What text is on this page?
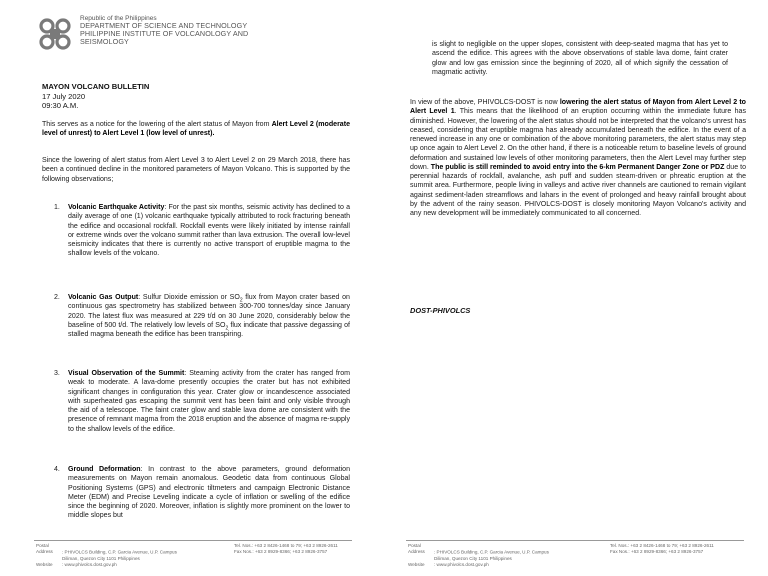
Republic of the Philippines
DEPARTMENT OF SCIENCE AND TECHNOLOGY
PHILIPPINE INSTITUTE OF VOLCANOLOGY AND
SEISMOLOGY
MAYON VOLCANO BULLETIN
17 July 2020
09:30 A.M.

This serves as a notice for the lowering of the alert status of Mayon from Alert Level 2 (moderate level of unrest) to Alert Level 1 (low level of unrest).

Since the lowering of alert status from Alert Level 3 to Alert Level 2 on 29 March 2018, there has been a continued decline in the monitored parameters of Mayon Volcano. This is supported by the following observations;

1. Volcanic Earthquake Activity: For the past six months, seismic activity has declined to a daily average of one (1) volcanic earthquake typically attributed to rock fracturing beneath the edifice and occasional rockfall. Rockfall events were likely initiated by intense rainfall or extreme winds over the volcano summit rather than lava extrusion. The overall low-level seismicity indicates that there is currently no active transport of eruptible magma to the shallow levels of the volcano.
2. Volcanic Gas Output: Sulfur Dioxide emission or $SO_2$ flux from Mayon crater based on continuous gas spectrometry has stabilized between 300-700 tonnes/day since January 2020. The latest flux was measured at 229 t/d on 30 June 2020, considerably below the baseline of 500 t/d. The relatively low levels of $SO_2$ flux indicate that passive degassing of stalled magma beneath the edifice has been transpiring.
3. Visual Observation of the Summit: Steaming activity from the crater has ranged from weak to moderate. A lava-dome presently occupies the crater but has not exhibited significant changes in configuration this year. Crater glow or incandescence associated with superheated gas escaping the summit vent has been faint and only visible through the aid of a telescope. The faint crater glow and stable lava dome are consistent with the presence of remnant magma from the 2018 eruption and the absence of magma re-supply to the shallow levels of the edifice.
4. Ground Deformation: In contrast to the above parameters, ground deformation measurements on Mayon remain anomalous. Geodetic data from continuous Global Positioning Systems (GPS) and electronic tiltmeters and campaign Electronic Distance Meter (EDM) and Precise Leveling indicate a cycle of inflation or swelling of the edifice since the beginning of 2020. Moreover, inflation is slightly more prominent on the lower to middle slopes but
Postal Address : PHIVOLCS Building, C.P. Garcia Avenue, U.P. Campus
Diliman, Quezon City 1101 Philippines
Website : www.phivolcs.dost.gov.ph
Tel. Nos.: +63 2 8426-1468 to 79; +63 2 8926-2611
Fax Nos.: +63 2 8929-8366; +63 2 8926-3757

is slight to negligible on the upper slopes, consistent with deep-seated magma that has yet to ascend the edifice. This agrees with the above observations of stable lava dome, faint crater glow and low gas emission since the beginning of 2020, all of which signify the cessation of magmatic activity.

In view of the above, PHIVOLCS-DOST is now lowering the alert status of Mayon from Alert Level 2 to Alert Level 1. This means that the likelihood of an eruption occurring within the immediate future has diminished. However, the lowering of the alert status should not be interpreted that the volcano's unrest has ceased, considering that eruptible magma has already accumulated beneath the edifice. In the event of a renewed increase in any one or combination of the above monitoring parameters, the alert status may step up once again to Alert Level 2. On the other hand, if there is a noticeable return to baseline levels of ground deformation and sustained low levels of other monitoring parameters, then the Alert Level may further step down. The public is still reminded to avoid entry into the 6-km Permanent Danger Zone or PDZ due to perennial hazards of rockfall, avalanche, ash puff and sudden steam-driven or phreatic eruption at the summit area. Furthermore, people living in valleys and active river channels are cautioned to remain vigilant against sediment-laden streamflows and lahars in the event of prolonged and heavy rainfall brought about by the advent of the rainy season. PHIVOLCS-DOST is closely monitoring Mayon Volcano's activity and any new development will be immediately communicated to all concerned.

Postal Address : PHIVOLCS Building, C.P. Garcia Avenue, U.P. Campus
Diliman, Quezon City 1101 Philippines
Website : www.phivolcs.dost.gov.ph
Tel. Nos.: +63 2 8426-1468 to 79; +63 2 8926-2611
Fax Nos.: +63 2 8929-8366; +63 2 8926-3757
DOST-PHIVOLCS
